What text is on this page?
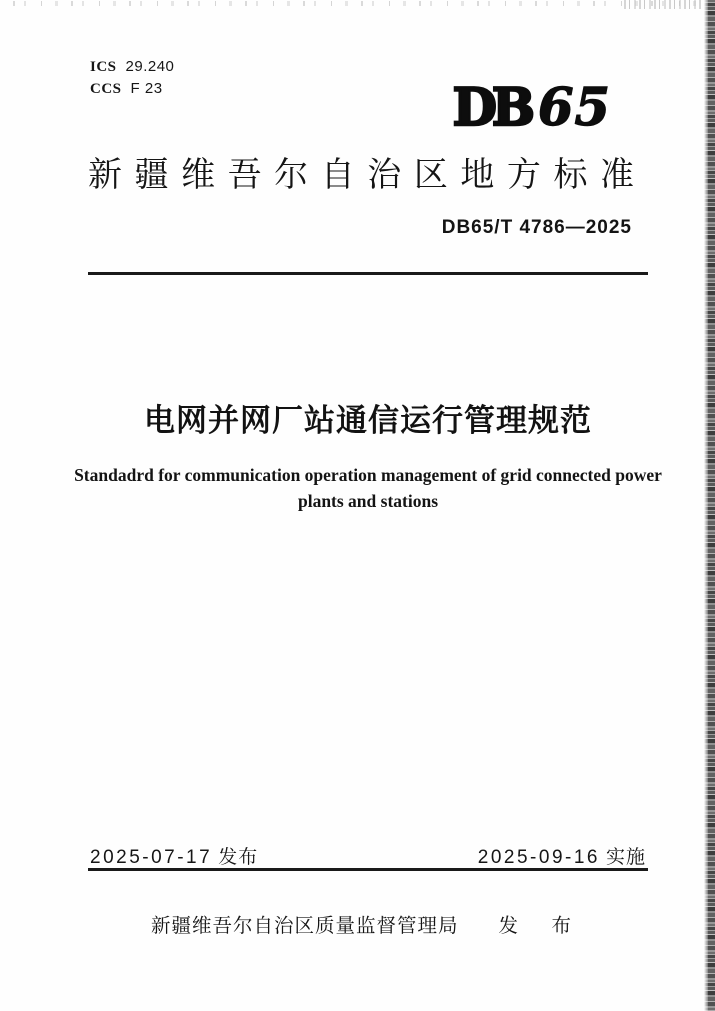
ICS 29.240
CCS F 23	DB 65
新疆维吾尔自治区地方标准
DB65/T 4786—2025
电网并网厂站通信运行管理规范
Standadrd for communication operation management of grid connected power plants and stations
2025-07-17 发布	2025-09-16 实施
新疆维吾尔自治区质量监督管理局 发 布
